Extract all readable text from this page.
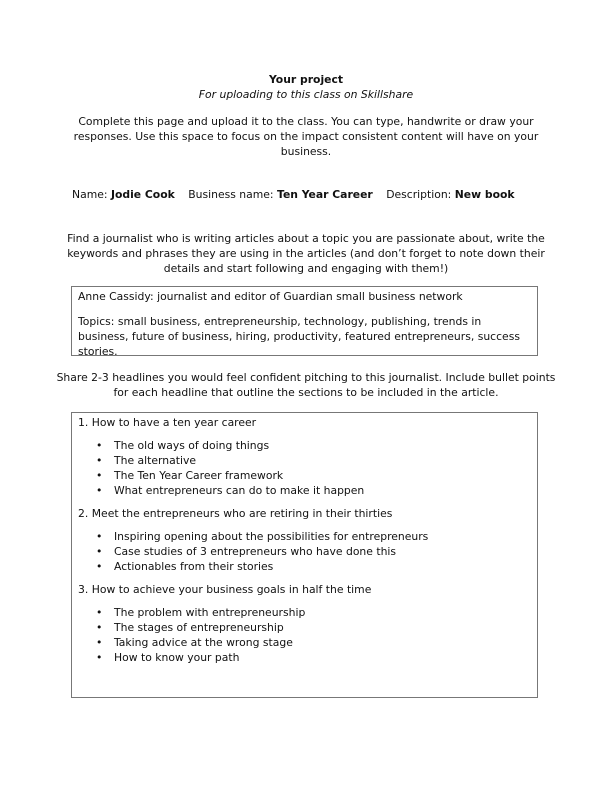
Your project
For uploading to this class on Skillshare
Complete this page and upload it to the class. You can type, handwrite or draw your responses. Use this space to focus on the impact consistent content will have on your business.
Name: Jodie Cook Business name: Ten Year Career Description: New book
Find a journalist who is writing articles about a topic you are passionate about, write the keywords and phrases they are using in the articles (and don’t forget to note down their details and start following and engaging with them!)

Anne Cassidy: journalist and editor of Guardian small business network

Topics: small business, entrepreneurship, technology, publishing, trends in business, future of business, hiring, productivity, featured entrepreneurs, success stories.

Share 2-3 headlines you would feel confident pitching to this journalist. Include bullet points for each headline that outline the sections to be included in the article.

1. How to have a ten year career

• The old ways of doing things
• The alternative
• The Ten Year Career framework
• What entrepreneurs can do to make it happen

2. Meet the entrepreneurs who are retiring in their thirties

• Inspiring opening about the possibilities for entrepreneurs
• Case studies of 3 entrepreneurs who have done this
• Actionables from their stories

3. How to achieve your business goals in half the time

• The problem with entrepreneurship
• The stages of entrepreneurship
• Taking advice at the wrong stage
• How to know your path
